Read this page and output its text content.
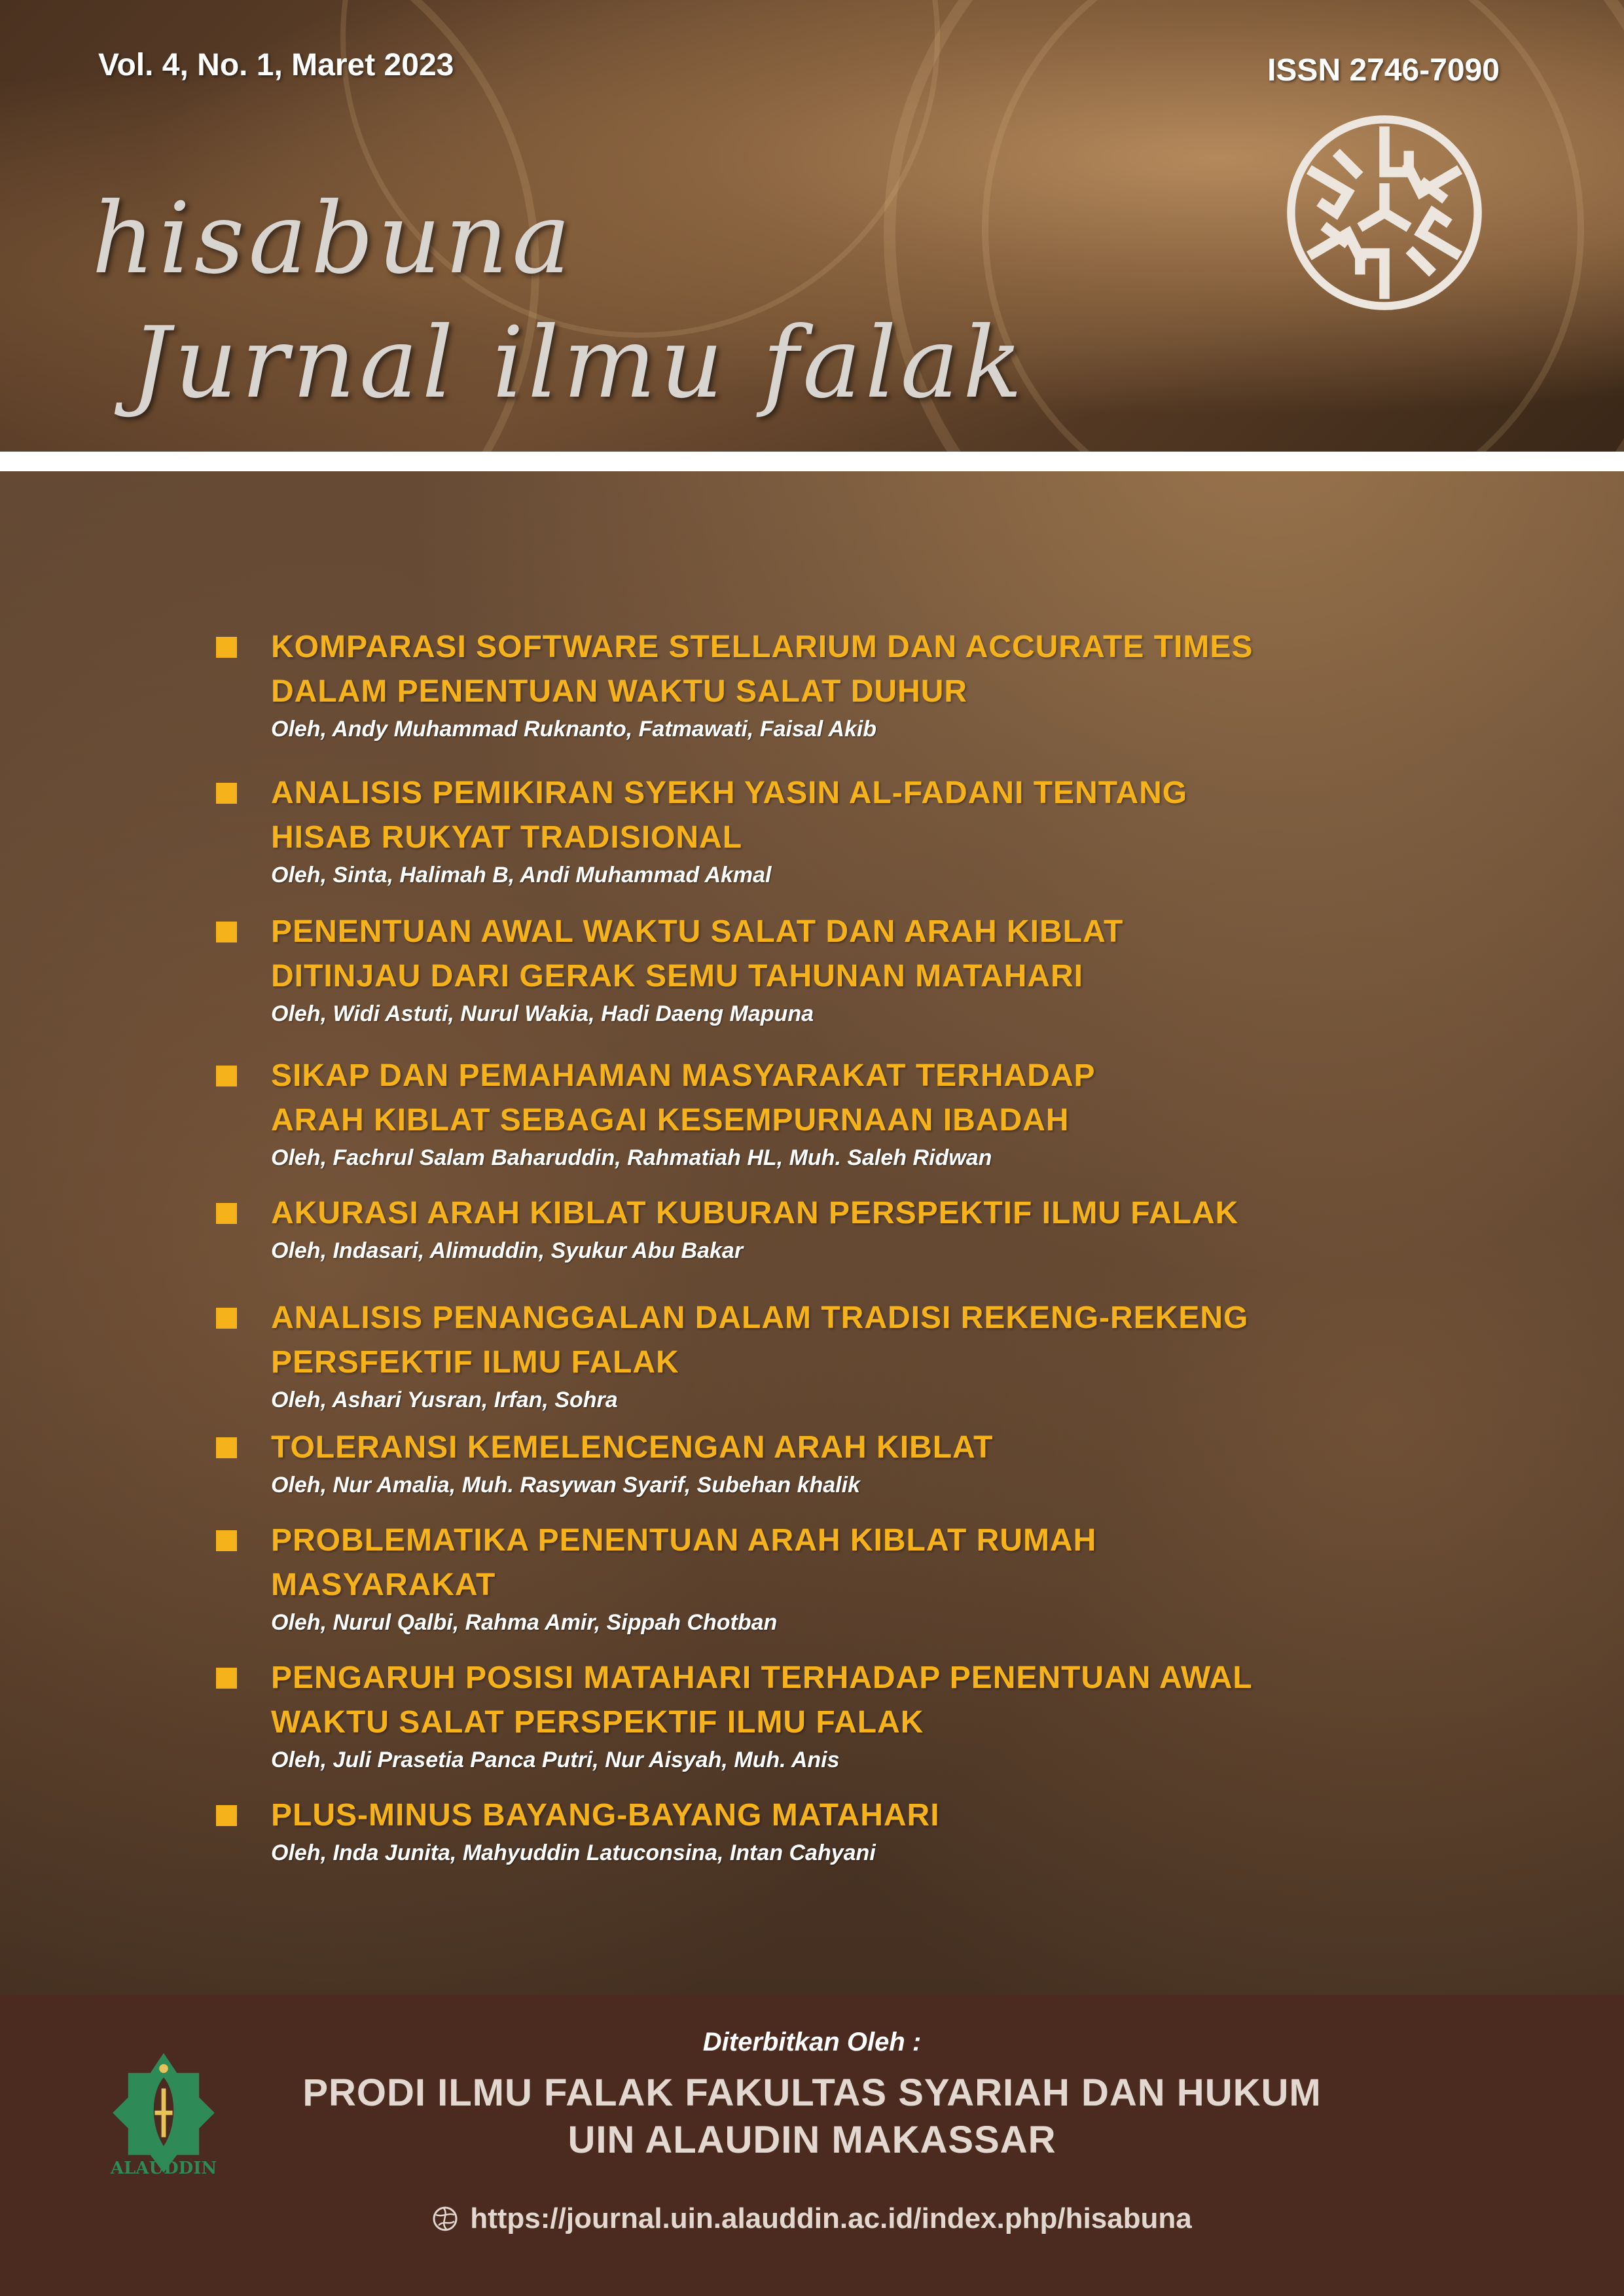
Vol. 4, No. 1, Maret 2023	ISSN 2746-7090
hisabuna
Jurnal ilmu falak

KOMPARASI SOFTWARE STELLARIUM DAN ACCURATE TIMES
DALAM PENENTUAN WAKTU SALAT DUHUR

Oleh, Andy Muhammad Ruknanto, Fatmawati, Faisal Akib

ANALISIS PEMIKIRAN SYEKH YASIN AL-FADANI TENTANG
HISAB RUKYAT TRADISIONAL

Oleh, Sinta, Halimah B, Andi Muhammad Akmal

PENENTUAN AWAL WAKTU SALAT DAN ARAH KIBLAT
DITINJAU DARI GERAK SEMU TAHUNAN MATAHARI

Oleh, Widi Astuti, Nurul Wakia, Hadi Daeng Mapuna

SIKAP DAN PEMAHAMAN MASYARAKAT TERHADAP
ARAH KIBLAT SEBAGAI KESEMPURNAAN IBADAH

Oleh, Fachrul Salam Baharuddin, Rahmatiah HL, Muh. Saleh Ridwan

AKURASI ARAH KIBLAT KUBURAN PERSPEKTIF ILMU FALAK

Oleh, Indasari, Alimuddin, Syukur Abu Bakar

ANALISIS PENANGGALAN DALAM TRADISI REKENG-REKENG
PERSFEKTIF ILMU FALAK

Oleh, Ashari Yusran, Irfan, Sohra

TOLERANSI KEMELENCENGAN ARAH KIBLAT

Oleh, Nur Amalia, Muh. Rasywan Syarif, Subehan khalik

PROBLEMATIKA PENENTUAN ARAH KIBLAT RUMAH
MASYARAKAT

Oleh, Nurul Qalbi, Rahma Amir, Sippah Chotban

PENGARUH POSISI MATAHARI TERHADAP PENENTUAN AWAL
WAKTU SALAT PERSPEKTIF ILMU FALAK

Oleh, Juli Prasetia Panca Putri, Nur Aisyah, Muh. Anis

PLUS-MINUS BAYANG-BAYANG MATAHARI

Oleh, Inda Junita, Mahyuddin Latuconsina, Intan Cahyani

ALAUDDIN
Diterbitkan Oleh :
PRODI ILMU FALAK FAKULTAS SYARIAH DAN HUKUM
UIN ALAUDIN MAKASSAR
https://journal.uin.alauddin.ac.id/index.php/hisabuna
